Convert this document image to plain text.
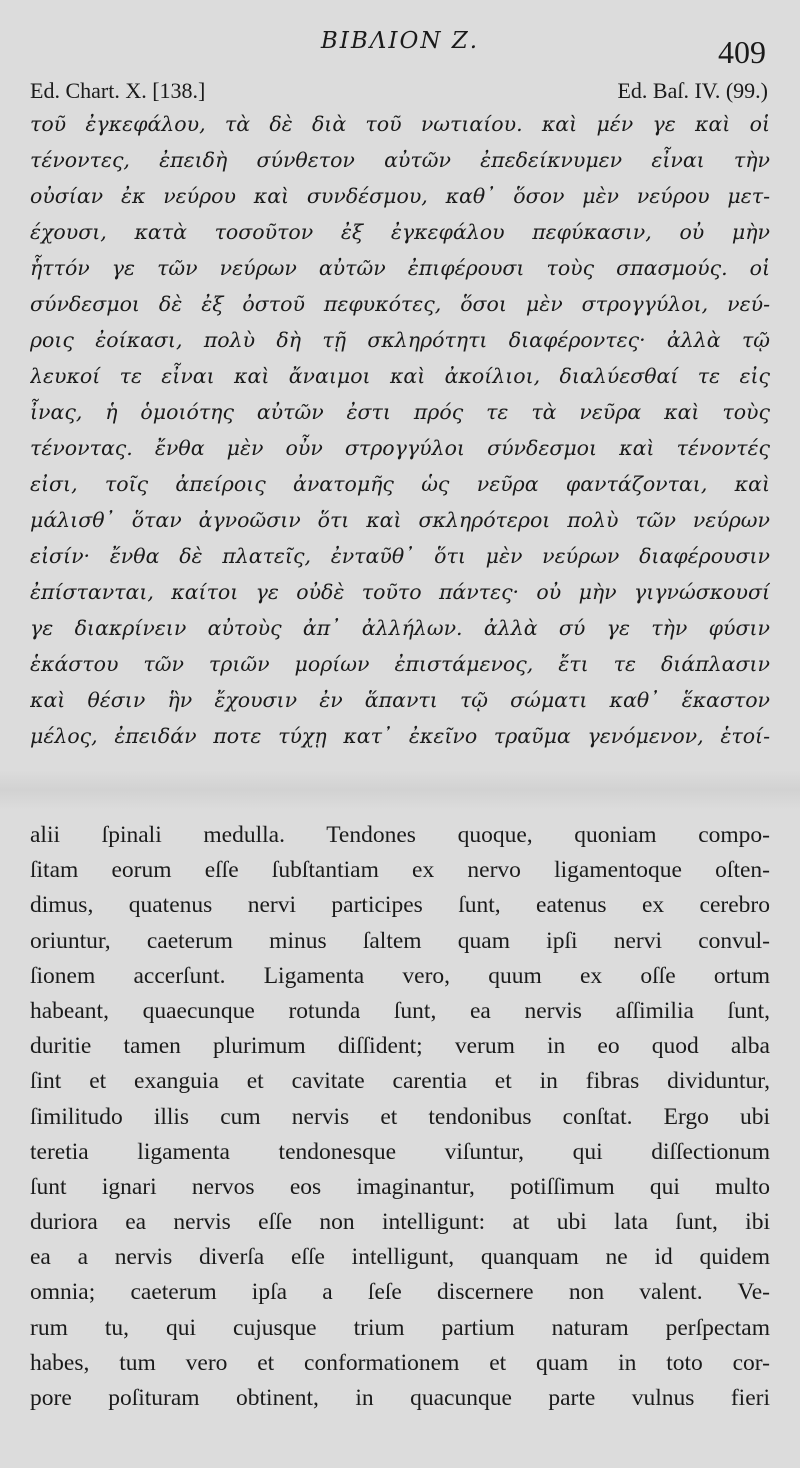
ΒΙΒΛΙΟΝ Ζ.	409
Ed. Chart. X. [138.]	Ed. Baſ. IV. (99.)
τοῦ ἐγκεφάλου, τὰ δὲ διὰ τοῦ νωτιαίου. καὶ μέν γε καὶ οἱ
τένοντες, ἐπειδὴ σύνθετον αὐτῶν ἐπεδείκνυμεν εἶναι τὴν
οὐσίαν ἐκ νεύρου καὶ συνδέσμου, καθ᾽ ὅσον μὲν νεύρου μετ-
έχουσι, κατὰ τοσοῦτον ἐξ ἐγκεφάλου πεφύκασιν, οὐ μὴν
ἧττόν γε τῶν νεύρων αὐτῶν ἐπιφέρουσι τοὺς σπασμούς. οἱ
σύνδεσμοι δὲ ἐξ ὀστοῦ πεφυκότες, ὅσοι μὲν στρογγύλοι, νεύ-
ροις ἐοίκασι, πολὺ δὴ τῇ σκληρότητι διαφέροντες· ἀλλὰ τῷ
λευκοί τε εἶναι καὶ ἄναιμοι καὶ ἀκοίλιοι, διαλύεσθαί τε εἰς
ἶνας, ἡ ὁμοιότης αὐτῶν ἐστι πρός τε τὰ νεῦρα καὶ τοὺς
τένοντας. ἔνθα μὲν οὖν στρογγύλοι σύνδεσμοι καὶ τένοντές
εἰσι, τοῖς ἀπείροις ἀνατομῆς ὡς νεῦρα φαντάζονται, καὶ
μάλισθ᾽ ὅταν ἀγνοῶσιν ὅτι καὶ σκληρότεροι πολὺ τῶν νεύρων
εἰσίν· ἔνθα δὲ πλατεῖς, ἐνταῦθ᾽ ὅτι μὲν νεύρων διαφέρουσιν
ἐπίστανται, καίτοι γε οὐδὲ τοῦτο πάντες· οὐ μὴν γιγνώσκουσί
γε διακρίνειν αὐτοὺς ἀπ᾽ ἀλλήλων. ἀλλὰ σύ γε τὴν φύσιν
ἑκάστου τῶν τριῶν μορίων ἐπιστάμενος, ἔτι τε διάπλασιν
καὶ θέσιν ἣν ἔχουσιν ἐν ἅπαντι τῷ σώματι καθ᾽ ἕκαστον
μέλος, ἐπειδάν ποτε τύχῃ κατ᾽ ἐκεῖνο τραῦμα γενόμενον, ἑτοί-
alii ſpinali medulla. Tendones quoque, quoniam compo-
ſitam eorum eſſe ſubſtantiam ex nervo ligamentoque oſten-
dimus, quatenus nervi participes ſunt, eatenus ex cerebro
oriuntur, caeterum minus ſaltem quam ipſi nervi convul-
ſionem accerſunt. Ligamenta vero, quum ex oſſe ortum
habeant, quaecunque rotunda ſunt, ea nervis aſſimilia ſunt,
duritie tamen plurimum diſſident; verum in eo quod alba
ſint et exanguia et cavitate carentia et in fibras dividuntur,
ſimilitudo illis cum nervis et tendonibus conſtat. Ergo ubi
teretia ligamenta tendonesque viſuntur, qui diſſectionum
ſunt ignari nervos eos imaginantur, potiſſimum qui multo
duriora ea nervis eſſe non intelligunt: at ubi lata ſunt, ibi
ea a nervis diverſa eſſe intelligunt, quanquam ne id quidem
omnia; caeterum ipſa a ſeſe discernere non valent. Ve-
rum tu, qui cujusque trium partium naturam perſpectam
habes, tum vero et conformationem et quam in toto cor-
pore poſituram obtinent, in quacunque parte vulnus fieri
